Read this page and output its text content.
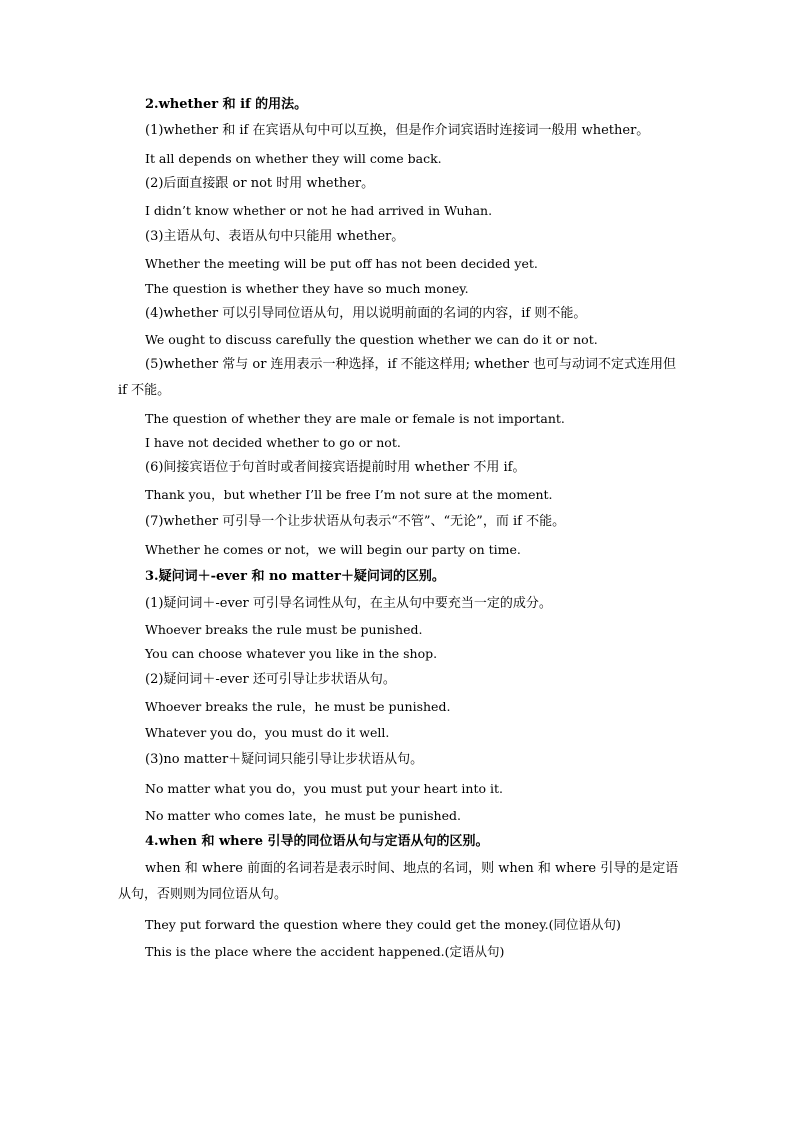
2.whether 和 if 的用法。
(1)whether 和 if 在宾语从句中可以互换，但是作介词宾语时连接词一般用 whether。
It all depends on whether they will come back.
(2)后面直接跟 or not 时用 whether。
I didn’t know whether or not he had arrived in Wuhan.
(3)主语从句、表语从句中只能用 whether。
Whether the meeting will be put off has not been decided yet.
The question is whether they have so much money.
(4)whether 可以引导同位语从句，用以说明前面的名词的内容，if 则不能。
We ought to discuss carefully the question whether we can do it or not.
(5)whether 常与 or 连用表示一种选择，if 不能这样用; whether 也可与动词不定式连用但 if 不能。
The question of whether they are male or female is not important.
I have not decided whether to go or not.
(6)间接宾语位于句首时或者间接宾语提前时用 whether 不用 if。
Thank you，but whether I’ll be free I’m not sure at the moment.
(7)whether 可引导一个让步状语从句表示“不管”、“无论”，而 if 不能。
Whether he comes or not，we will begin our party on time.
3.疑问词＋-ever 和 no matter＋疑问词的区别。
(1)疑问词＋-ever 可引导名词性从句，在主从句中要充当一定的成分。
Whoever breaks the rule must be punished.
You can choose whatever you like in the shop.
(2)疑问词＋-ever 还可引导让步状语从句。
Whoever breaks the rule，he must be punished.
Whatever you do，you must do it well.
(3)no matter＋疑问词只能引导让步状语从句。
No matter what you do，you must put your heart into it.
No matter who comes late，he must be punished.
4.when 和 where 引导的同位语从句与定语从句的区别。
when 和 where 前面的名词若是表示时间、地点的名词，则 when 和 where 引导的是定语从句，否则则为同位语从句。
They put forward the question where they could get the money.(同位语从句)
This is the place where the accident happened.(定语从句)
